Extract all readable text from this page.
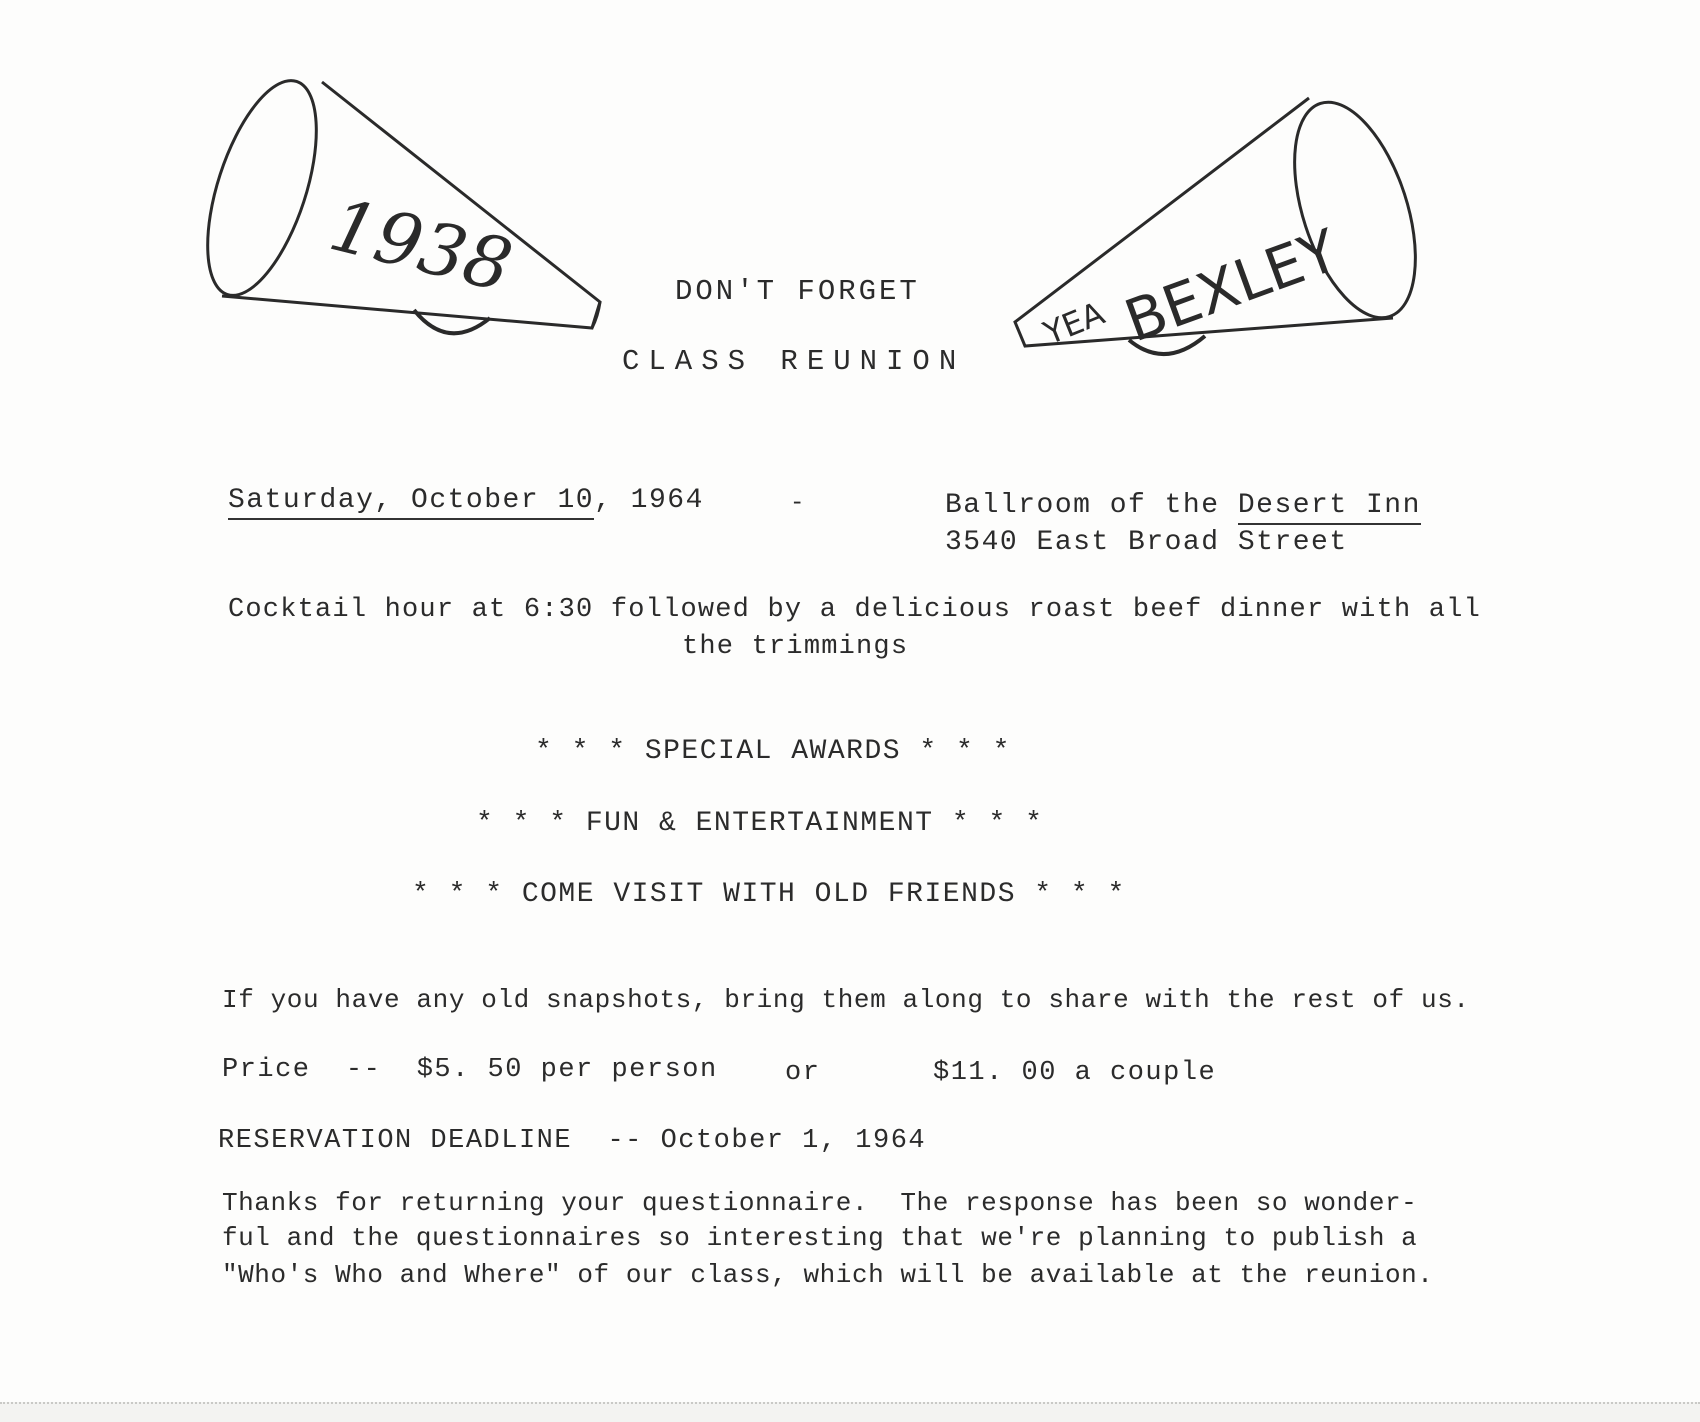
1938
YEA BEXLEY
DON'T FORGET
CLASS REUNION
Saturday, October 10, 1964	-	Ballroom of the Desert Inn
3540 East Broad Street
Cocktail hour at 6:30 followed by a delicious roast beef dinner with all
the trimmings
* * * SPECIAL AWARDS * * *
* * * FUN & ENTERTAINMENT * * *
* * * COME VISIT WITH OLD FRIENDS * * *
If you have any old snapshots, bring them along to share with the rest of us.
Price  --  $5. 50 per person or	$11. 00 a couple
RESERVATION DEADLINE  -- October 1, 1964
Thanks for returning your questionnaire.  The response has been so wonder-
ful and the questionnaires so interesting that we're planning to publish a
"Who's Who and Where" of our class, which will be available at the reunion.
